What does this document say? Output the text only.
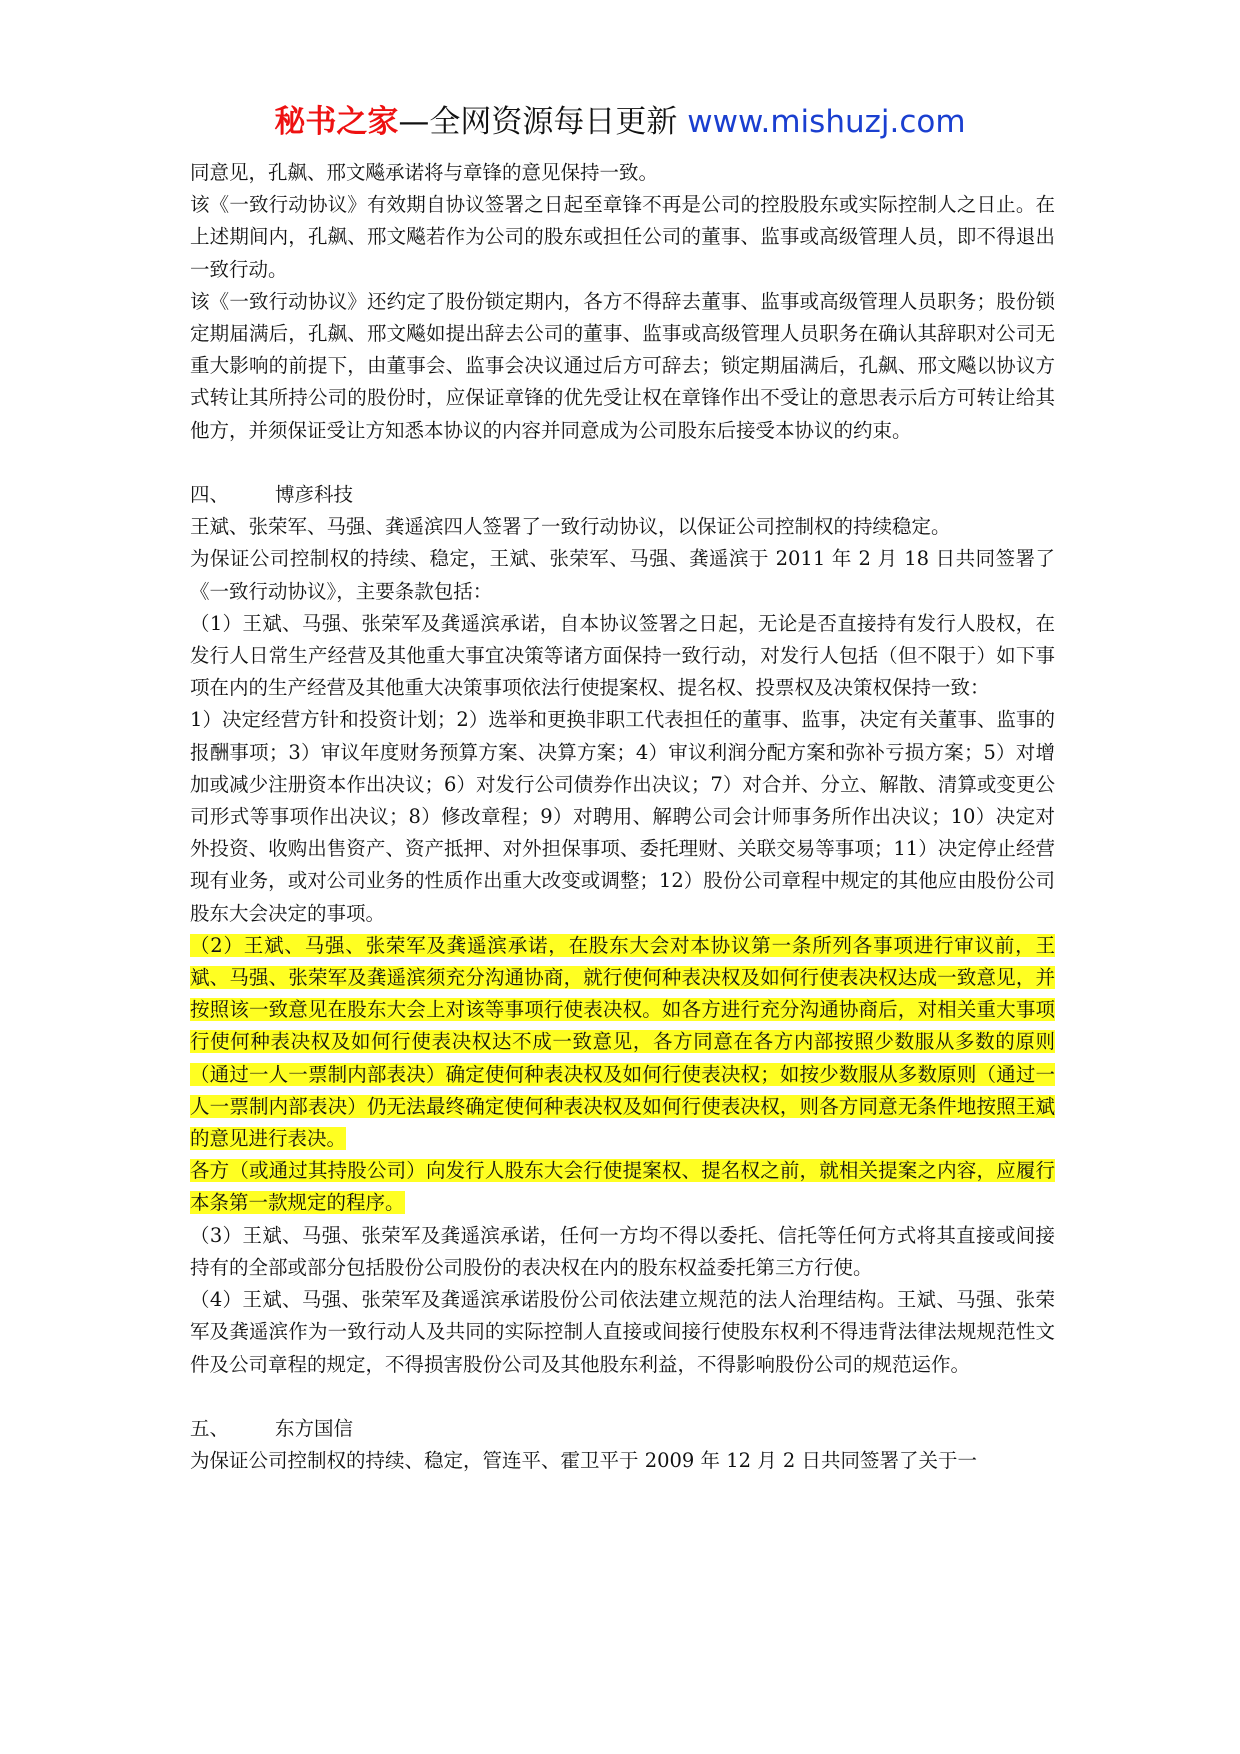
秘书之家—全网资源每日更新 www.mishuzj.com

同意见，孔飙、邢文飚承诺将与章锋的意见保持一致。

该《一致行动协议》有效期自协议签署之日起至章锋不再是公司的控股股东或实际控制人之日止。在上述期间内，孔飙、邢文飚若作为公司的股东或担任公司的董事、监事或高级管理人员，即不得退出一致行动。

该《一致行动协议》还约定了股份锁定期内，各方不得辞去董事、监事或高级管理人员职务；股份锁定期届满后，孔飙、邢文飚如提出辞去公司的董事、监事或高级管理人员职务在确认其辞职对公司无重大影响的前提下，由董事会、监事会决议通过后方可辞去；锁定期届满后，孔飙、邢文飚以协议方式转让其所持公司的股份时，应保证章锋的优先受让权在章锋作出不受让的意思表示后方可转让给其他方，并须保证受让方知悉本协议的内容并同意成为公司股东后接受本协议的约束。

四、 博彦科技

王斌、张荣军、马强、龚遥滨四人签署了一致行动协议，以保证公司控制权的持续稳定。

为保证公司控制权的持续、稳定，王斌、张荣军、马强、龚遥滨于 2011 年 2 月 18 日共同签署了《一致行动协议》，主要条款包括：

（1）王斌、马强、张荣军及龚遥滨承诺，自本协议签署之日起，无论是否直接持有发行人股权，在发行人日常生产经营及其他重大事宜决策等诸方面保持一致行动，对发行人包括（但不限于）如下事项在内的生产经营及其他重大决策事项依法行使提案权、提名权、投票权及决策权保持一致：

1）决定经营方针和投资计划；2）选举和更换非职工代表担任的董事、监事，决定有关董事、监事的报酬事项；3）审议年度财务预算方案、决算方案；4）审议利润分配方案和弥补亏损方案；5）对增加或减少注册资本作出决议；6）对发行公司债券作出决议；7）对合并、分立、解散、清算或变更公司形式等事项作出决议；8）修改章程；9）对聘用、解聘公司会计师事务所作出决议；10）决定对外投资、收购出售资产、资产抵押、对外担保事项、委托理财、关联交易等事项；11）决定停止经营现有业务，或对公司业务的性质作出重大改变或调整；12）股份公司章程中规定的其他应由股份公司股东大会决定的事项。

（2）王斌、马强、张荣军及龚遥滨承诺，在股东大会对本协议第一条所列各事项进行审议前，王斌、马强、张荣军及龚遥滨须充分沟通协商，就行使何种表决权及如何行使表决权达成一致意见，并按照该一致意见在股东大会上对该等事项行使表决权。如各方进行充分沟通协商后，对相关重大事项行使何种表决权及如何行使表决权达不成一致意见，各方同意在各方内部按照少数服从多数的原则（通过一人一票制内部表决）确定使何种表决权及如何行使表决权；如按少数服从多数原则（通过一人一票制内部表决）仍无法最终确定使何种表决权及如何行使表决权，则各方同意无条件地按照王斌的意见进行表决。

各方（或通过其持股公司）向发行人股东大会行使提案权、提名权之前，就相关提案之内容，应履行本条第一款规定的程序。

（3）王斌、马强、张荣军及龚遥滨承诺，任何一方均不得以委托、信托等任何方式将其直接或间接持有的全部或部分包括股份公司股份的表决权在内的股东权益委托第三方行使。

（4）王斌、马强、张荣军及龚遥滨承诺股份公司依法建立规范的法人治理结构。王斌、马强、张荣军及龚遥滨作为一致行动人及共同的实际控制人直接或间接行使股东权利不得违背法律法规规范性文件及公司章程的规定，不得损害股份公司及其他股东利益，不得影响股份公司的规范运作。

五、 东方国信

为保证公司控制权的持续、稳定，管连平、霍卫平于 2009 年 12 月 2 日共同签署了关于一
